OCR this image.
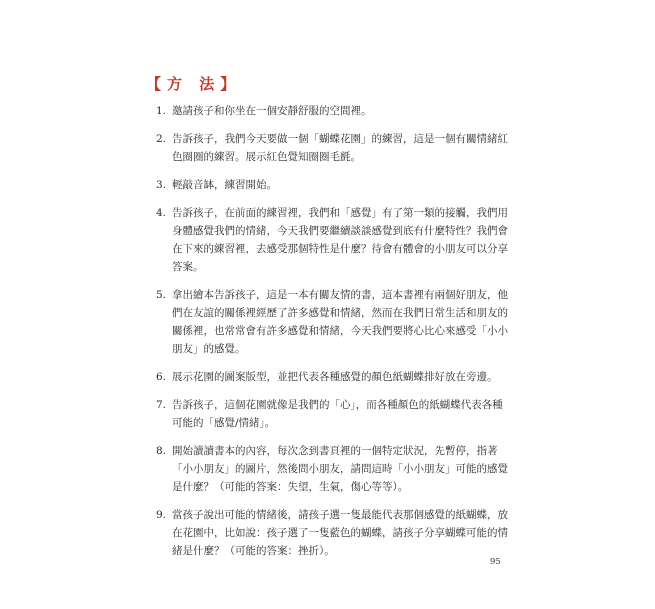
【方 法】
1. 邀請孩子和你坐在一個安靜舒服的空間裡。
2. 告訴孩子，我們今天要做一個「蝴蝶花園」的練習，這是一個有關情緒紅色圈圈的練習。展示紅色覺知圈圈毛氈。
3. 輕敲音缽，練習開始。
4. 告訴孩子，在前面的練習裡，我們和「感覺」有了第一類的接觸，我們用身體感覺我們的情緒，今天我們要繼續談談感覺到底有什麼特性？我們會在下來的練習裡，去感受那個特性是什麼？待會有體會的小朋友可以分享答案。
5. 拿出繪本告訴孩子，這是一本有關友情的書，這本書裡有兩個好朋友，他們在友誼的關係裡經歷了許多感覺和情緒，然而在我們日常生活和朋友的關係裡，也常常會有許多感覺和情緒，今天我們要將心比心來感受「小小朋友」的感覺。
6. 展示花園的圖案版型，並把代表各種感覺的顏色紙蝴蝶排好放在旁邊。
7. 告訴孩子，這個花園就像是我們的「心」，而各種顏色的紙蝴蝶代表各種可能的「感覺/情緒」。
8. 開始讀讀書本的內容，每次念到書頁裡的一個特定狀況，先暫停，指著「小小朋友」的圖片，然後問小朋友，請問這時「小小朋友」可能的感覺是什麼？（可能的答案：失望，生氣，傷心等等）。
9. 當孩子說出可能的情緒後，請孩子選一隻最能代表那個感覺的紙蝴蝶，放在花園中，比如說：孩子選了一隻藍色的蝴蝶，請孩子分享蝴蝶可能的情緒是什麼？（可能的答案：挫折）。
95
